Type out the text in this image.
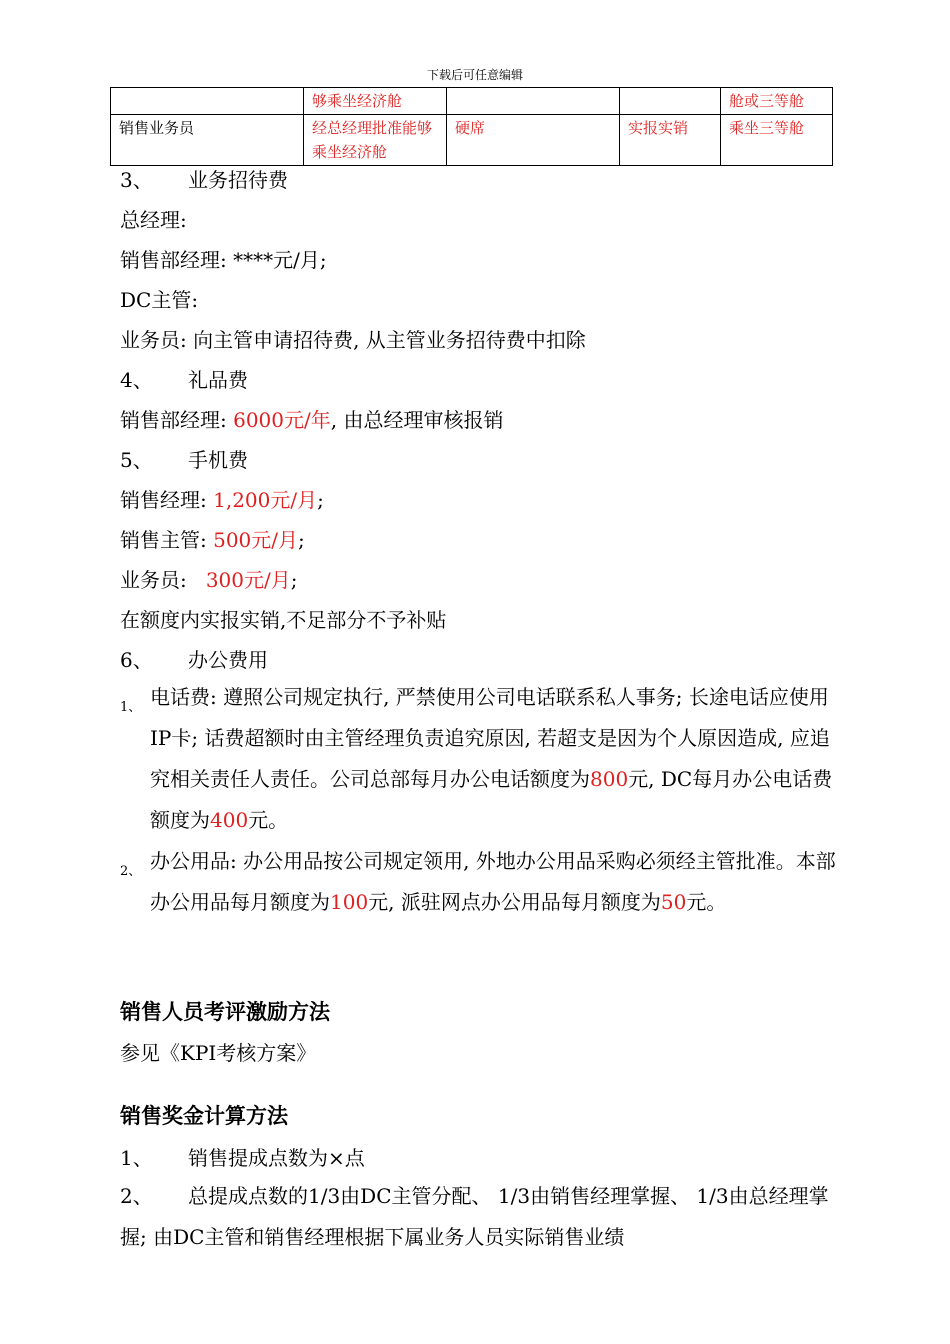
下载后可任意编辑
	够乘坐经济舱			舱或三等舱
销售业务员	经总经理批准能够乘坐经济舱	硬席	实报实销	乘坐三等舱
3、 业务招待费
总经理:
销售部经理: ****元/月;
DC主管:
业务员: 向主管申请招待费, 从主管业务招待费中扣除
4、 礼品费
销售部经理: 6000元/年, 由总经理审核报销
5、 手机费
销售经理: 1,200元/月;
销售主管: 500元/月;
业务员:   300元/月;
在额度内实报实销,不足部分不予补贴
6、 办公费用
1、 电话费: 遵照公司规定执行, 严禁使用公司电话联系私人事务; 长途电话应使用IP卡; 话费超额时由主管经理负责追究原因, 若超支是因为个人原因造成, 应追究相关责任人责任。公司总部每月办公电话额度为800元, DC每月办公电话费额度为400元。
2、 办公用品: 办公用品按公司规定领用, 外地办公用品采购必须经主管批准。本部办公用品每月额度为100元, 派驻网点办公用品每月额度为50元。
销售人员考评激励方法
参见《KPI考核方案》
销售奖金计算方法
1、 销售提成点数为×点
2、	总提成点数的1/3由DC主管分配、 1/3由销售经理掌握、 1/3由总经理掌握; 由DC主管和销售经理根据下属业务人员实际销售业绩
